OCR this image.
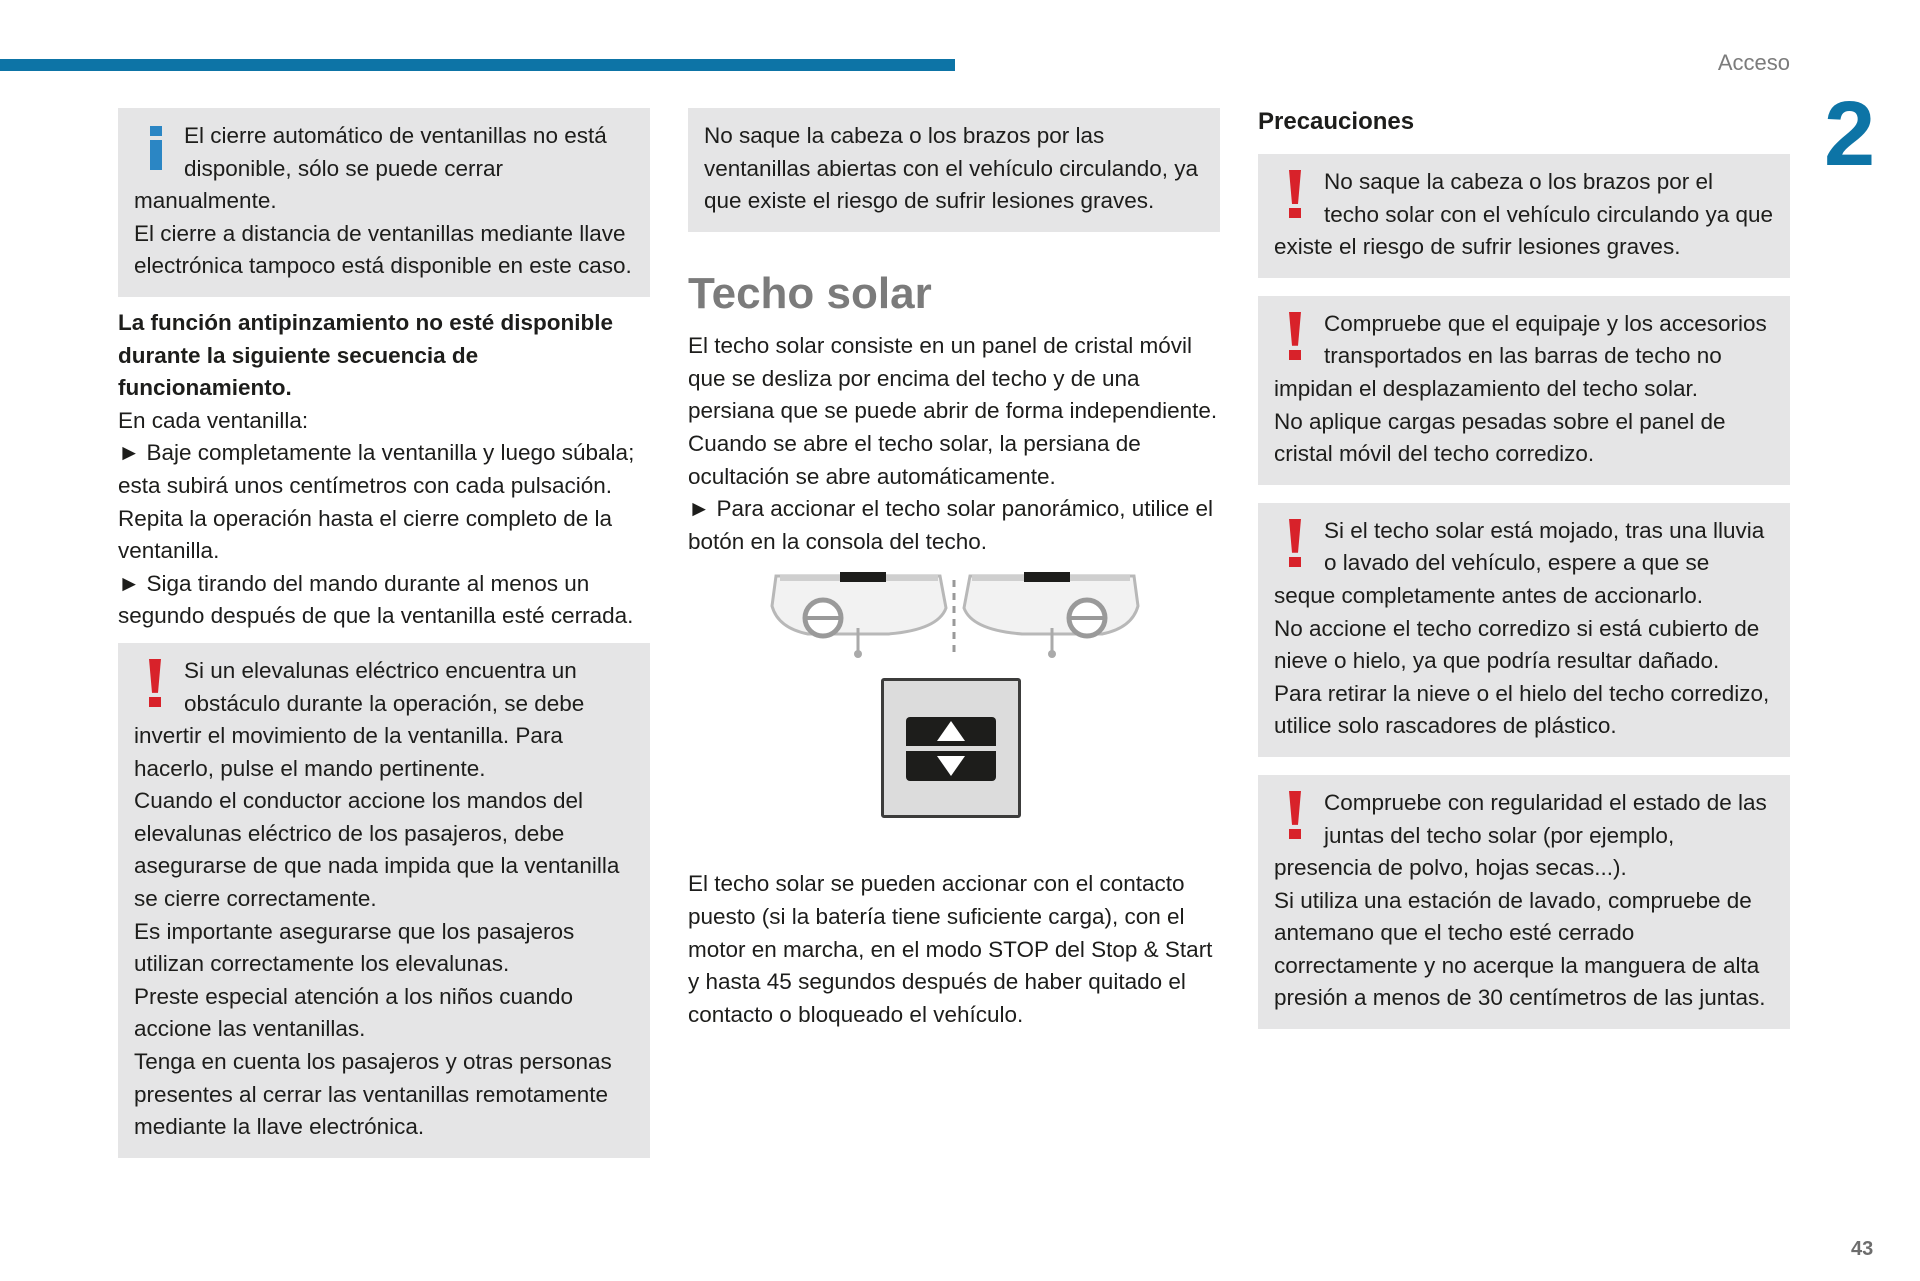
Acceso
2
43

El cierre automático de ventanillas no está disponible, sólo se puede cerrar manualmente.

El cierre a distancia de ventanillas mediante llave electrónica tampoco está disponible en este caso.

La función antipinzamiento no esté disponible durante la siguiente secuencia de funcionamiento.

En cada ventanilla:

► Baje completamente la ventanilla y luego súbala; esta subirá unos centímetros con cada pulsación. Repita la operación hasta el cierre completo de la ventanilla.

► Siga tirando del mando durante al menos un segundo después de que la ventanilla esté cerrada.

Si un elevalunas eléctrico encuentra un obstáculo durante la operación, se debe invertir el movimiento de la ventanilla. Para hacerlo, pulse el mando pertinente.

Cuando el conductor accione los mandos del elevalunas eléctrico de los pasajeros, debe asegurarse de que nada impida que la ventanilla se cierre correctamente.

Es importante asegurarse que los pasajeros utilizan correctamente los elevalunas.

Preste especial atención a los niños cuando accione las ventanillas.

Tenga en cuenta los pasajeros y otras personas presentes al cerrar las ventanillas remotamente mediante la llave electrónica.

No saque la cabeza o los brazos por las ventanillas abiertas con el vehículo circulando, ya que existe el riesgo de sufrir lesiones graves.

Techo solar

El techo solar consiste en un panel de cristal móvil que se desliza por encima del techo y de una persiana que se puede abrir de forma independiente. Cuando se abre el techo solar, la persiana de ocultación se abre automáticamente.

► Para accionar el techo solar panorámico, utilice el botón en la consola del techo.

El techo solar se pueden accionar con el contacto puesto (si la batería tiene suficiente carga), con el motor en marcha, en el modo STOP del Stop & Start y hasta 45 segundos después de haber quitado el contacto o bloqueado el vehículo.

Precauciones

No saque la cabeza o los brazos por el techo solar con el vehículo circulando ya que existe el riesgo de sufrir lesiones graves.

Compruebe que el equipaje y los accesorios transportados en las barras de techo no impidan el desplazamiento del techo solar.

No aplique cargas pesadas sobre el panel de cristal móvil del techo corredizo.

Si el techo solar está mojado, tras una lluvia o lavado del vehículo, espere a que se seque completamente antes de accionarlo.

No accione el techo corredizo si está cubierto de nieve o hielo, ya que podría resultar dañado.

Para retirar la nieve o el hielo del techo corredizo, utilice solo rascadores de plástico.

Compruebe con regularidad el estado de las juntas del techo solar (por ejemplo, presencia de polvo, hojas secas...).

Si utiliza una estación de lavado, compruebe de antemano que el techo esté cerrado correctamente y no acerque la manguera de alta presión a menos de 30 centímetros de las juntas.
